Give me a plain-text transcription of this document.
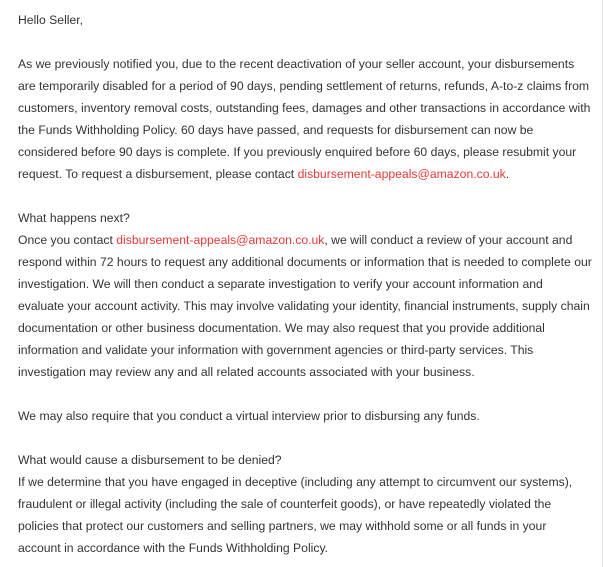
Hello Seller,

As we previously notified you, due to the recent deactivation of your seller account, your disbursements are temporarily disabled for a period of 90 days, pending settlement of returns, refunds, A-to-z claims from customers, inventory removal costs, outstanding fees, damages and other transactions in accordance with the Funds Withholding Policy. 60 days have passed, and requests for disbursement can now be considered before 90 days is complete. If you previously enquired before 60 days, please resubmit your request. To request a disbursement, please contact disbursement-appeals@amazon.co.uk.

What happens next?
Once you contact disbursement-appeals@amazon.co.uk, we will conduct a review of your account and respond within 72 hours to request any additional documents or information that is needed to complete our investigation. We will then conduct a separate investigation to verify your account information and evaluate your account activity. This may involve validating your identity, financial instruments, supply chain documentation or other business documentation. We may also request that you provide additional information and validate your information with government agencies or third-party services. This investigation may review any and all related accounts associated with your business.

We may also require that you conduct a virtual interview prior to disbursing any funds.

What would cause a disbursement to be denied?
If we determine that you have engaged in deceptive (including any attempt to circumvent our systems), fraudulent or illegal activity (including the sale of counterfeit goods), or have repeatedly violated the policies that protect our customers and selling partners, we may withhold some or all funds in your account in accordance with the Funds Withholding Policy.
